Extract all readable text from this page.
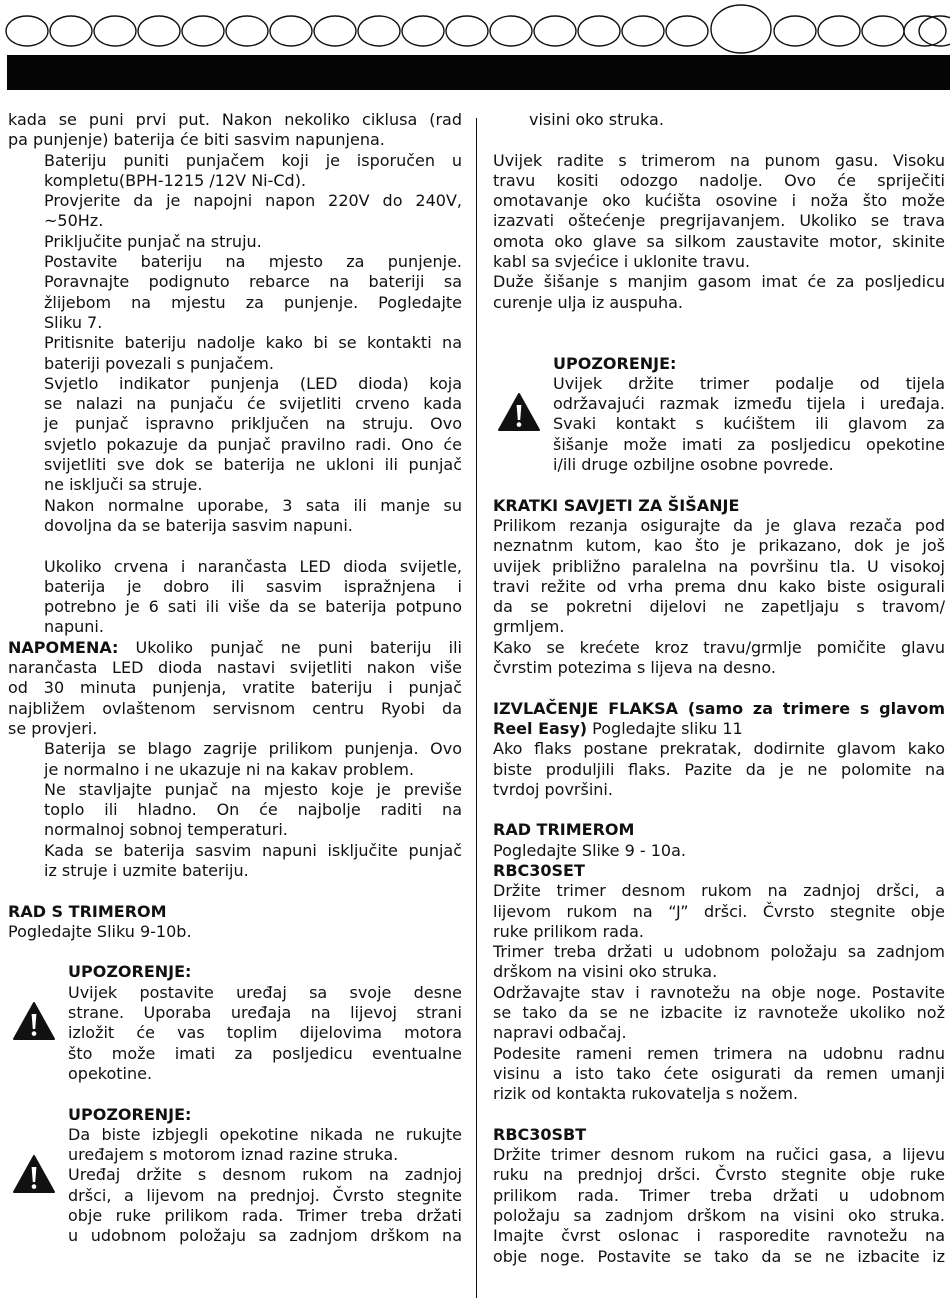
kada se puni prvi put. Nakon nekoliko ciklusa (rad
pa punjenje) baterija će biti sasvim napunjena.
Bateriju puniti punjačem koji je isporučen u
kompletu(BPH-1215 /12V Ni-Cd).
Provjerite da je napojni napon 220V do 240V,
~50Hz.
Priključite punjač na struju.
Postavite bateriju na mjesto za punjenje.
Poravnajte podignuto rebarce na bateriji sa
žlijebom na mjestu za punjenje. Pogledajte
Sliku 7.
Pritisnite bateriju nadolje kako bi se kontakti na
bateriji povezali s punjačem.
Svjetlo indikator punjenja (LED dioda) koja
se nalazi na punjaču će svijetliti crveno kada
je punjač ispravno priključen na struju. Ovo
svjetlo pokazuje da punjač pravilno radi. Ono će
svijetliti sve dok se baterija ne ukloni ili punjač
ne isključi sa struje.
Nakon normalne uporabe, 3 sata ili manje su
dovoljna da se baterija sasvim napuni.
Ukoliko crvena i narančasta LED dioda svijetle,
baterija je dobro ili sasvim ispražnjena i
potrebno je 6 sati ili više da se baterija potpuno
napuni.
NAPOMENA: Ukoliko punjač ne puni bateriju ili
narančasta LED dioda nastavi svijetliti nakon više
od 30 minuta punjenja, vratite bateriju i punjač
najbližem ovlaštenom servisnom centru Ryobi da
se provjeri.
Baterija se blago zagrije prilikom punjenja. Ovo
je normalno i ne ukazuje ni na kakav problem.
Ne stavljajte punjač na mjesto koje je previše
toplo ili hladno. On će najbolje raditi na
normalnoj sobnoj temperaturi.
Kada se baterija sasvim napuni isključite punjač
iz struje i uzmite bateriju.
RAD S TRIMEROM
Pogledajte Sliku 9-10b.
UPOZORENJE:
Uvijek postavite uređaj sa svoje desne
strane. Uporaba uređaja na lijevoj strani
izložit će vas toplim dijelovima motora
što može imati za posljedicu eventualne
opekotine.
UPOZORENJE:
Da biste izbjegli opekotine nikada ne rukujte
uređajem s motorom iznad razine struka.
Uređaj držite s desnom rukom na zadnjoj
dršci, a lijevom na prednjoj. Čvrsto stegnite
obje ruke prilikom rada. Trimer treba držati
u udobnom položaju sa zadnjom drškom na
visini oko struka.
Uvijek radite s trimerom na punom gasu. Visoku
travu kositi odozgo nadolje. Ovo će spriječiti
omotavanje oko kućišta osovine i noža što može
izazvati oštećenje pregrijavanjem. Ukoliko se trava
omota oko glave sa silkom zaustavite motor, skinite
kabl sa svjećice i uklonite travu.
Duže šišanje s manjim gasom imat će za posljedicu
curenje ulja iz auspuha.
UPOZORENJE:
Uvijek držite trimer podalje od tijela
održavajući razmak između tijela i uređaja.
Svaki kontakt s kućištem ili glavom za
šišanje može imati za posljedicu opekotine
i/ili druge ozbiljne osobne povrede.
KRATKI SAVJETI ZA ŠIŠANJE
Prilikom rezanja osigurajte da je glava rezača pod
neznatnm kutom, kao što je prikazano, dok je još
uvijek približno paralelna na površinu tla. U visokoj
travi režite od vrha prema dnu kako biste osigurali
da se pokretni dijelovi ne zapetljaju s travom/
grmljem.
Kako se krećete kroz travu/grmlje pomičite glavu
čvrstim potezima s lijeva na desno.
IZVLAČENJE FLAKSA (samo za trimere s glavom
Reel Easy) Pogledajte sliku 11
Ako flaks postane prekratak, dodirnite glavom kako
biste produljili flaks. Pazite da je ne polomite na
tvrdoj površini.
RAD TRIMEROM
Pogledajte Slike 9 - 10a.
RBC30SET
Držite trimer desnom rukom na zadnjoj dršci, a
lijevom rukom na “J” dršci. Čvrsto stegnite obje
ruke prilikom rada.
Trimer treba držati u udobnom položaju sa zadnjom
drškom na visini oko struka.
Održavajte stav i ravnotežu na obje noge. Postavite
se tako da se ne izbacite iz ravnoteže ukoliko nož
napravi odbačaj.
Podesite rameni remen trimera na udobnu radnu
visinu a isto tako ćete osigurati da remen umanji
rizik od kontakta rukovatelja s nožem.
RBC30SBT
Držite trimer desnom rukom na ručici gasa, a lijevu
ruku na prednjoj dršci. Čvrsto stegnite obje ruke
prilikom rada. Trimer treba držati u udobnom
položaju sa zadnjom drškom na visini oko struka.
Imajte čvrst oslonac i rasporedite ravnotežu na
obje noge. Postavite se tako da se ne izbacite iz
